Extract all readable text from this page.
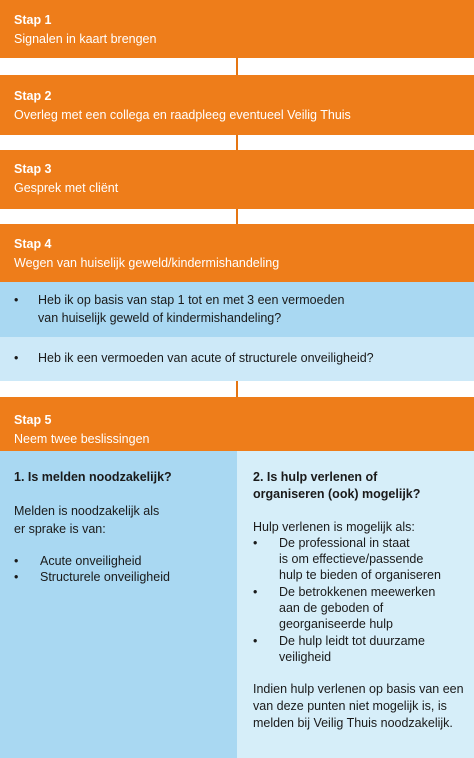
Stap 1
Signalen in kaart brengen
Stap 2
Overleg met een collega en raadpleeg eventueel Veilig Thuis
Stap 3
Gesprek met cliënt
Stap 4
Wegen van huiselijk geweld/kindermishandeling
• Heb ik op basis van stap 1 tot en met 3 een vermoeden
van huiselijk geweld of kindermishandeling?
• Heb ik een vermoeden van acute of structurele onveiligheid?
Stap 5
Neem twee beslissingen
1. Is melden noodzakelijk?
Melden is noodzakelijk als
er sprake is van:
• Acute onveiligheid
• Structurele onveiligheid
2. Is hulp verlenen of
organiseren (ook) mogelijk?
Hulp verlenen is mogelijk als:
• De professional in staat
is om effectieve/passende
hulp te bieden of organiseren
• De betrokkenen meewerken
aan de geboden of
georganiseerde hulp
• De hulp leidt tot duurzame
veiligheid
Indien hulp verlenen op basis van een
van deze punten niet mogelijk is, is
melden bij Veilig Thuis noodzakelijk.
